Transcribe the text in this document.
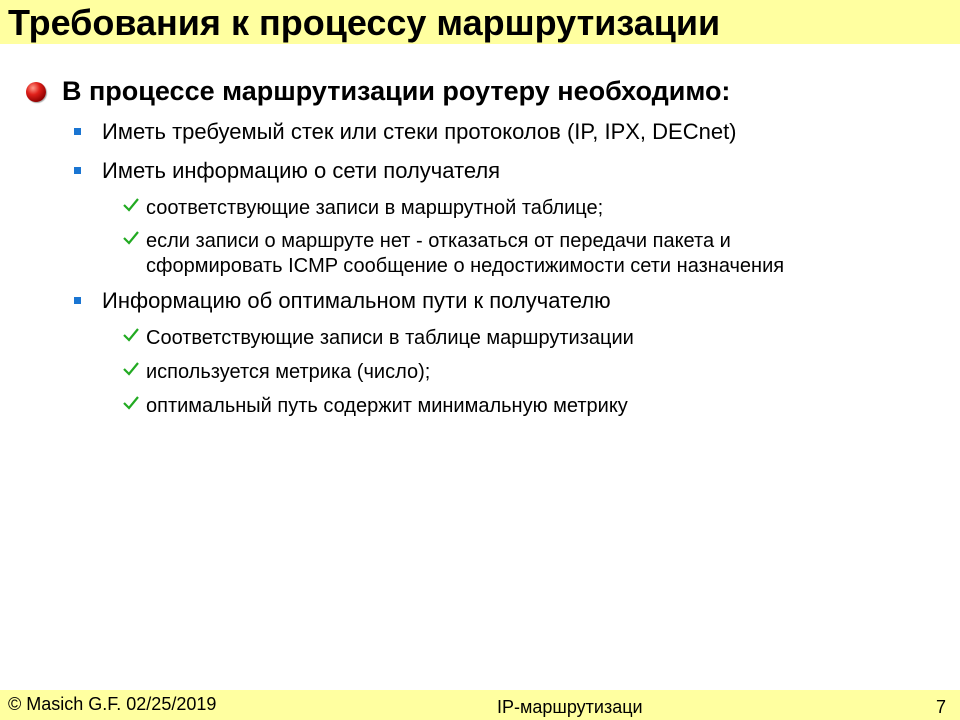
Требования к процессу маршрутизации
В процессе маршрутизации роутеру необходимо:
Иметь требуемый стек или стеки протоколов (IP, IPX, DECnet)
Иметь информацию о сети получателя
соответствующие записи в маршрутной таблице;
если записи о маршруте нет - отказаться от передачи пакета и
сформировать ICMP сообщение о недостижимости сети назначения
Информацию об оптимальном пути к получателю
Соответствующие записи в таблице маршрутизации
используется метрика (число);
оптимальный путь содержит минимальную метрику
© Masich G.F. 02/25/2019	IP-маршрутизаци	7
